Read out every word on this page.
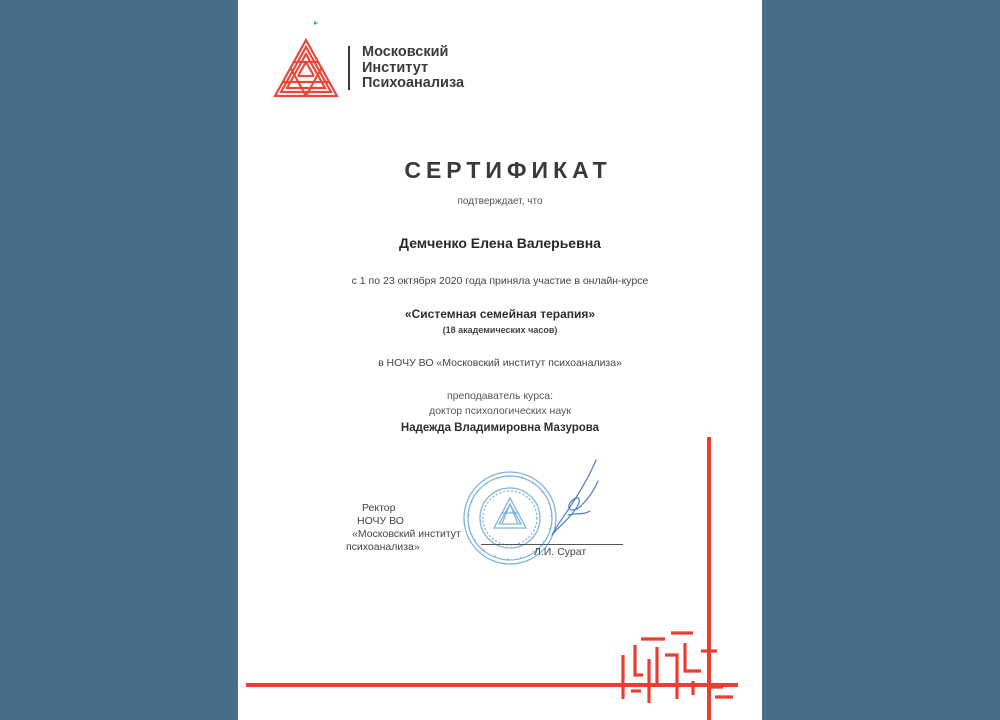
Московский
Институт
Психоанализа
СЕРТИФИКАТ
подтверждает, что
Демченко Елена Валерьевна
с 1 по 23 октября 2020 года приняла участие в онлайн-курсе
«Системная семейная терапия»
(18 академических часов)
в НОЧУ ВО «Московский институт психоанализа»
преподаватель курса:
доктор психологических наук
Надежда Владимировна Мазурова
Ректор
НОЧУ ВО
«Московский институт
психоанализа»	Л.И. Сурат
